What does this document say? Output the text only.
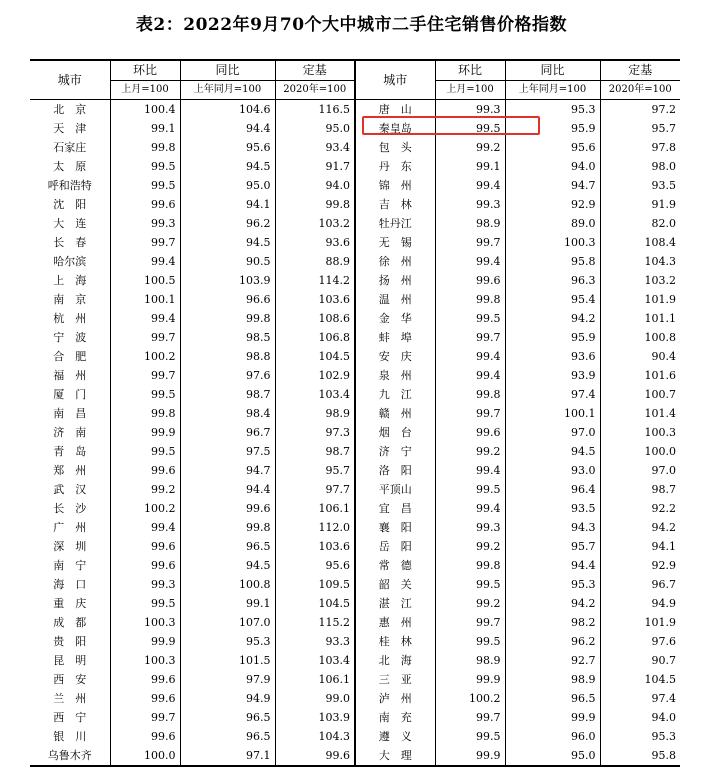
表2：2022年9月70个大中城市二手住宅销售价格指数
城市	环比	同比	定基	城市	环比	同比	定基
	上月=100	上年同月=100	2020年=100		上月=100	上年同月=100	2020年=100
北　京	100.4	104.6	116.5	唐　山	99.3	95.3	97.2
天　津	99.1	94.4	95.0	秦皇岛	99.5	95.9	95.7
石家庄	99.8	95.6	93.4	包　头	99.2	95.6	97.8
太　原	99.5	94.5	91.7	丹　东	99.1	94.0	98.0
呼和浩特	99.5	95.0	94.0	锦　州	99.4	94.7	93.5
沈　阳	99.6	94.1	99.8	吉　林	99.3	92.9	91.9
大　连	99.3	96.2	103.2	牡丹江	98.9	89.0	82.0
长　春	99.7	94.5	93.6	无　锡	99.7	100.3	108.4
哈尔滨	99.4	90.5	88.9	徐　州	99.4	95.8	104.3
上　海	100.5	103.9	114.2	扬　州	99.6	96.3	103.2
南　京	100.1	96.6	103.6	温　州	99.8	95.4	101.9
杭　州	99.4	99.8	108.6	金　华	99.5	94.2	101.1
宁　波	99.7	98.5	106.8	蚌　埠	99.7	95.9	100.8
合　肥	100.2	98.8	104.5	安　庆	99.4	93.6	90.4
福　州	99.7	97.6	102.9	泉　州	99.4	93.9	101.6
厦　门	99.5	98.7	103.4	九　江	99.8	97.4	100.7
南　昌	99.8	98.4	98.9	赣　州	99.7	100.1	101.4
济　南	99.9	96.7	97.3	烟　台	99.6	97.0	100.3
青　岛	99.5	97.5	98.7	济　宁	99.2	94.5	100.0
郑　州	99.6	94.7	95.7	洛　阳	99.4	93.0	97.0
武　汉	99.2	94.4	97.7	平顶山	99.5	96.4	98.7
长　沙	100.2	99.6	106.1	宜　昌	99.4	93.5	92.2
广　州	99.4	99.8	112.0	襄　阳	99.3	94.3	94.2
深　圳	99.6	96.5	103.6	岳　阳	99.2	95.7	94.1
南　宁	99.6	94.5	95.6	常　德	99.8	94.4	92.9
海　口	99.3	100.8	109.5	韶　关	99.5	95.3	96.7
重　庆	99.5	99.1	104.5	湛　江	99.2	94.2	94.9
成　都	100.3	107.0	115.2	惠　州	99.7	98.2	101.9
贵　阳	99.9	95.3	93.3	桂　林	99.5	96.2	97.6
昆　明	100.3	101.5	103.4	北　海	98.9	92.7	90.7
西　安	99.6	97.9	106.1	三　亚	99.9	98.9	104.5
兰　州	99.6	94.9	99.0	泸　州	100.2	96.5	97.4
西　宁	99.7	96.5	103.9	南　充	99.7	99.9	94.0
银　川	99.6	96.5	104.3	遵　义	99.5	96.0	95.3
乌鲁木齐	100.0	97.1	99.6	大　理	99.9	95.0	95.8
